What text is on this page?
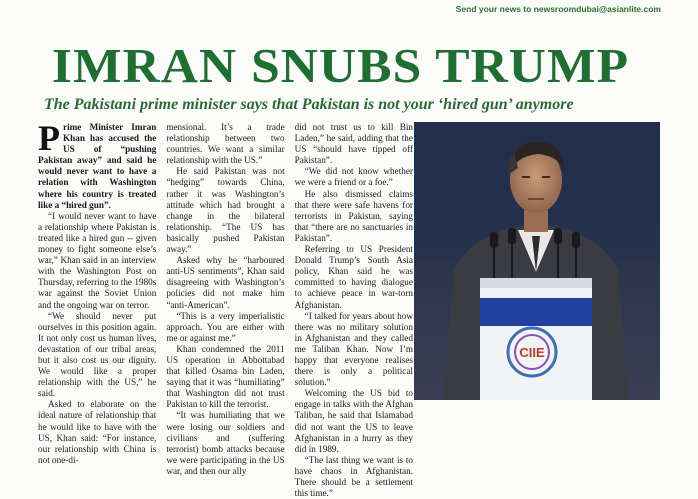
Send your news to newsroomdubai@asianlite.com
IMRAN SNUBS TRUMP
The Pakistani prime minister says that Pakistan is not your ‘hired gun’ anymore

Prime Minister Imran Khan has accused the US of “pushing Pakistan away” and said he would never want to have a relation with Washington where his country is treated like a “hired gun”.

“I would never want to have a relationship where Pakistan is treated like a hired gun -- given money to fight someone else’s war,” Khan said in an interview with the Washington Post on Thursday, referring to the 1980s war against the Soviet Union and the ongoing war on terror.

“We should never put ourselves in this position again. It not only cost us human lives, devastation of our tribal areas, but it also cost us our dignity. We would like a proper relationship with the US,” he said.

Asked to elaborate on the ideal nature of relationship that he would like to have with the US, Khan said: “For instance, our relationship with China is not one-di-

mensional. It’s a trade relationship between two countries. We want a similar relationship with the US.”

He said Pakistan was not “hedging” towards China, rather it was Washington’s attitude which had brought a change in the bilateral relationship. “The US has basically pushed Pakistan away.”

Asked why he “harboured anti-US sentiments”, Khan said disagreeing with Washington’s policies did not make him “anti-American”.

“This is a very imperialistic approach. You are either with me or against me.”

Khan condemned the 2011 US operation in Abbottabad that killed Osama bin Laden, saying that it was “humiliating” that Washington did not trust Pakistan to kill the terrorist.

“It was humiliating that we were losing our soldiers and civilians and (suffering terrorist) bomb attacks because we were participating in the US war, and then our ally

did not trust us to kill Bin Laden,” he said, adding that the US “should have tipped off Pakistan”.

“We did not know whether we were a friend or a foe.”

He also dismissed claims that there were safe havens for terrorists in Pakistan, saying that “there are no sanctuaries in Pakistan”.

Referring to US President Donald Trump’s South Asia policy, Khan said he was committed to having dialogue to achieve peace in war-torn Afghanistan.

“I talked for years about how there was no military solution in Afghanistan and they called me Taliban Khan. Now I’m happy that everyone realises there is only a political solution.”

Welcoming the US bid to engage in talks with the Afghan Taliban, he said that Islamabad did not want the US to leave Afghanistan in a hurry as they did in 1989.

“The last thing we want is to have chaos in Afghanistan. There should be a settlement this time.”

CIIE
